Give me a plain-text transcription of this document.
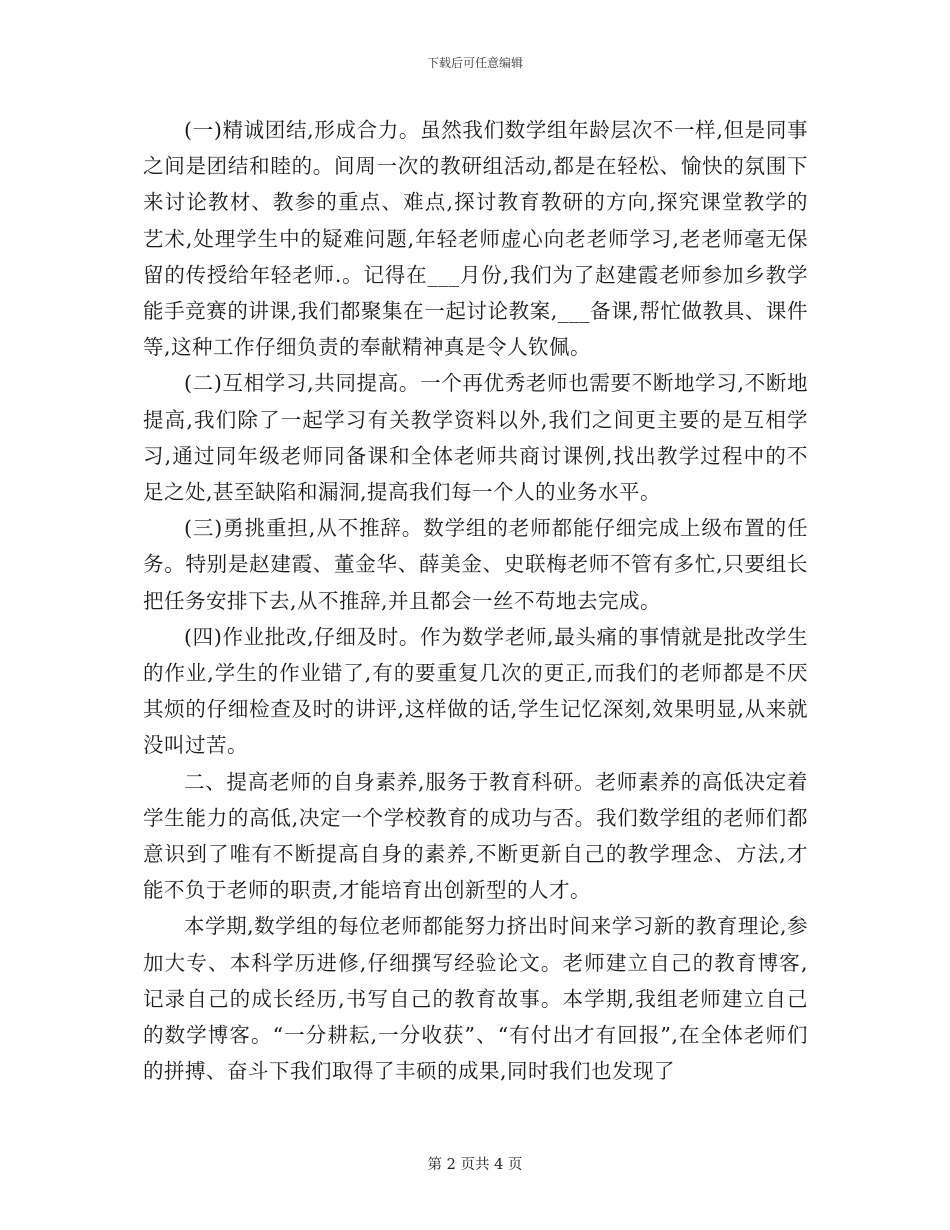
下载后可任意编辑

(一)精诚团结,形成合力。虽然我们数学组年龄层次不一样,但是同事之间是团结和睦的。间周一次的教研组活动,都是在轻松、愉快的氛围下来讨论教材、教参的重点、难点,探讨教育教研的方向,探究课堂教学的艺术,处理学生中的疑难问题,年轻老师虚心向老老师学习,老老师毫无保留的传授给年轻老师.。记得在___月份,我们为了赵建霞老师参加乡教学能手竞赛的讲课,我们都聚集在一起讨论教案,___备课,帮忙做教具、课件等,这种工作仔细负责的奉献精神真是令人钦佩。

(二)互相学习,共同提高。一个再优秀老师也需要不断地学习,不断地提高,我们除了一起学习有关教学资料以外,我们之间更主要的是互相学习,通过同年级老师同备课和全体老师共商讨课例,找出教学过程中的不足之处,甚至缺陷和漏洞,提高我们每一个人的业务水平。

(三)勇挑重担,从不推辞。数学组的老师都能仔细完成上级布置的任务。特别是赵建霞、董金华、薛美金、史联梅老师不管有多忙,只要组长把任务安排下去,从不推辞,并且都会一丝不苟地去完成。

(四)作业批改,仔细及时。作为数学老师,最头痛的事情就是批改学生的作业,学生的作业错了,有的要重复几次的更正,而我们的老师都是不厌其烦的仔细检查及时的讲评,这样做的话,学生记忆深刻,效果明显,从来就没叫过苦。

二、提高老师的自身素养,服务于教育科研。老师素养的高低决定着学生能力的高低,决定一个学校教育的成功与否。我们数学组的老师们都意识到了唯有不断提高自身的素养,不断更新自己的教学理念、方法,才能不负于老师的职责,才能培育出创新型的人才。

本学期,数学组的每位老师都能努力挤出时间来学习新的教育理论,参加大专、本科学历进修,仔细撰写经验论文。老师建立自己的教育博客,记录自己的成长经历,书写自己的教育故事。本学期,我组老师建立自己的数学博客。“一分耕耘,一分收获”、“有付出才有回报”,在全体老师们的拼搏、奋斗下我们取得了丰硕的成果,同时我们也发现了

第 2 页共 4 页
